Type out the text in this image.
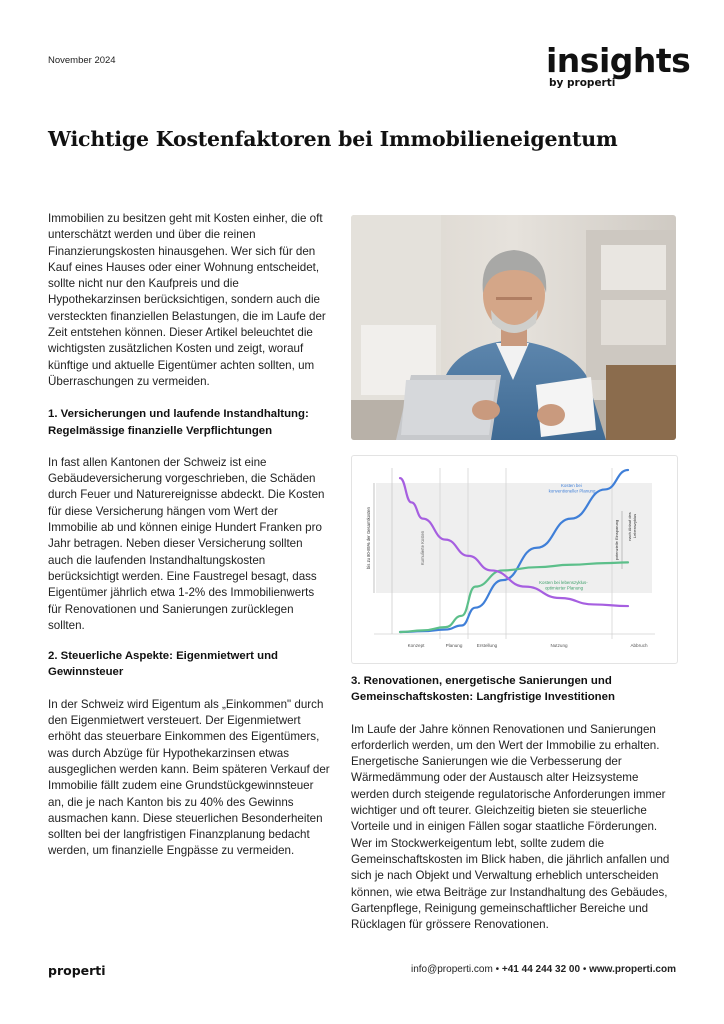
November 2024	insights
by properti
Wichtige Kostenfaktoren bei Immobilieneigentum

Immobilien zu besitzen geht mit Kosten einher, die oft unterschätzt werden und über die reinen Finanzierungskosten hinausgehen. Wer sich für den Kauf eines Hauses oder einer Wohnung entscheidet, sollte nicht nur den Kaufpreis und die Hypothekarzinsen berücksichtigen, sondern auch die versteckten finanziellen Belastungen, die im Laufe der Zeit entstehen können. Dieser Artikel beleuchtet die wichtigsten zusätzlichen Kosten und zeigt, worauf künftige und aktuelle Eigentümer achten sollten, um Überraschungen zu vermeiden.

1. Versicherungen und laufende Instandhaltung: Regelmässige finanzielle Verpflichtungen

In fast allen Kantonen der Schweiz ist eine Gebäudeversicherung vorgeschrieben, die Schäden durch Feuer und Naturereignisse abdeckt. Die Kosten für diese Versicherung hängen vom Wert der Immobilie ab und können einige Hundert Franken pro Jahr betragen. Neben dieser Versicherung sollten auch die laufenden Instandhaltungskosten berücksichtigt werden. Eine Faustregel besagt, dass Eigentümer jährlich etwa 1-2% des Immobilienwerts für Renovationen und Sanierungen zurücklegen sollten.

2. Steuerliche Aspekte: Eigenmietwert und Gewinnsteuer

In der Schweiz wird Eigentum als „Einkommen" durch den Eigenmietwert versteuert. Der Eigenmietwert erhöht das steuerbare Einkommen des Eigentümers, was durch Abzüge für Hypothekarzinsen etwas ausgeglichen werden kann. Beim späteren Verkauf der Immobilie fällt zudem eine Grundstückgewinnsteuer an, die je nach Kanton bis zu 40% des Gewinns ausmachen kann. Diese steuerlichen Besonderheiten sollten bei der langfristigen Finanzplanung bedacht werden, um finanzielle Engpässe zu vermeiden.

Konzept	Planung	Erstellung	Nutzung	Abbruch
bis zu 80-85% der Gesamtkosten	Kumulierte Kosten
Kosten bei konventioneller Planung
Kosten bei lebenszyklus- optimierter Planung
potenzielle Einsparung nach Ablauf des Lebenszyklus
3. Renovationen, energetische Sanierungen und Gemeinschaftskosten: Langfristige Investitionen

Im Laufe der Jahre können Renovationen und Sanierungen erforderlich werden, um den Wert der Immobilie zu erhalten. Energetische Sanierungen wie die Verbesserung der Wärmedämmung oder der Austausch alter Heizsysteme werden durch steigende regulatorische Anforderungen immer wichtiger und oft teurer. Gleichzeitig bieten sie steuerliche Vorteile und in einigen Fällen sogar staatliche Förderungen. Wer im Stockwerkeigentum lebt, sollte zudem die Gemeinschaftskosten im Blick haben, die jährlich anfallen und sich je nach Objekt und Verwaltung erheblich unterscheiden können, wie etwa Beiträge zur Instandhaltung des Gebäudes, Gartenpflege, Reinigung gemeinschaftlicher Bereiche und Rücklagen für grössere Renovationen.

properti	info@properti.com • +41 44 244 32 00 • www.properti.com
